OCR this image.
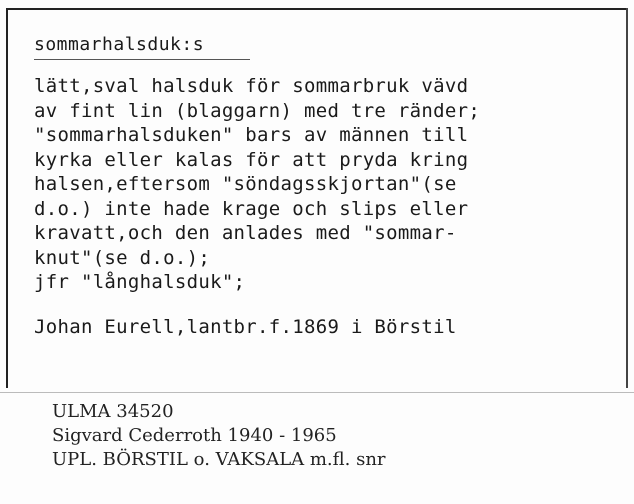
sommarhalsduk:s
lätt,sval halsduk för sommarbruk vävd
av fint lin (blaggarn) med tre ränder;
"sommarhalsduken" bars av männen till
kyrka eller kalas för att pryda kring
halsen,eftersom "söndagsskjortan"(se
d.o.) inte hade krage och slips eller
kravatt,och den anlades med "sommar-
knut"(se d.o.);
jfr "långhalsduk";
Johan Eurell,lantbr.f.1869 i Börstil
ULMA 34520
Sigvard Cederroth 1940 - 1965
UPL. BÖRSTIL o. VAKSALA m.fl. snr
